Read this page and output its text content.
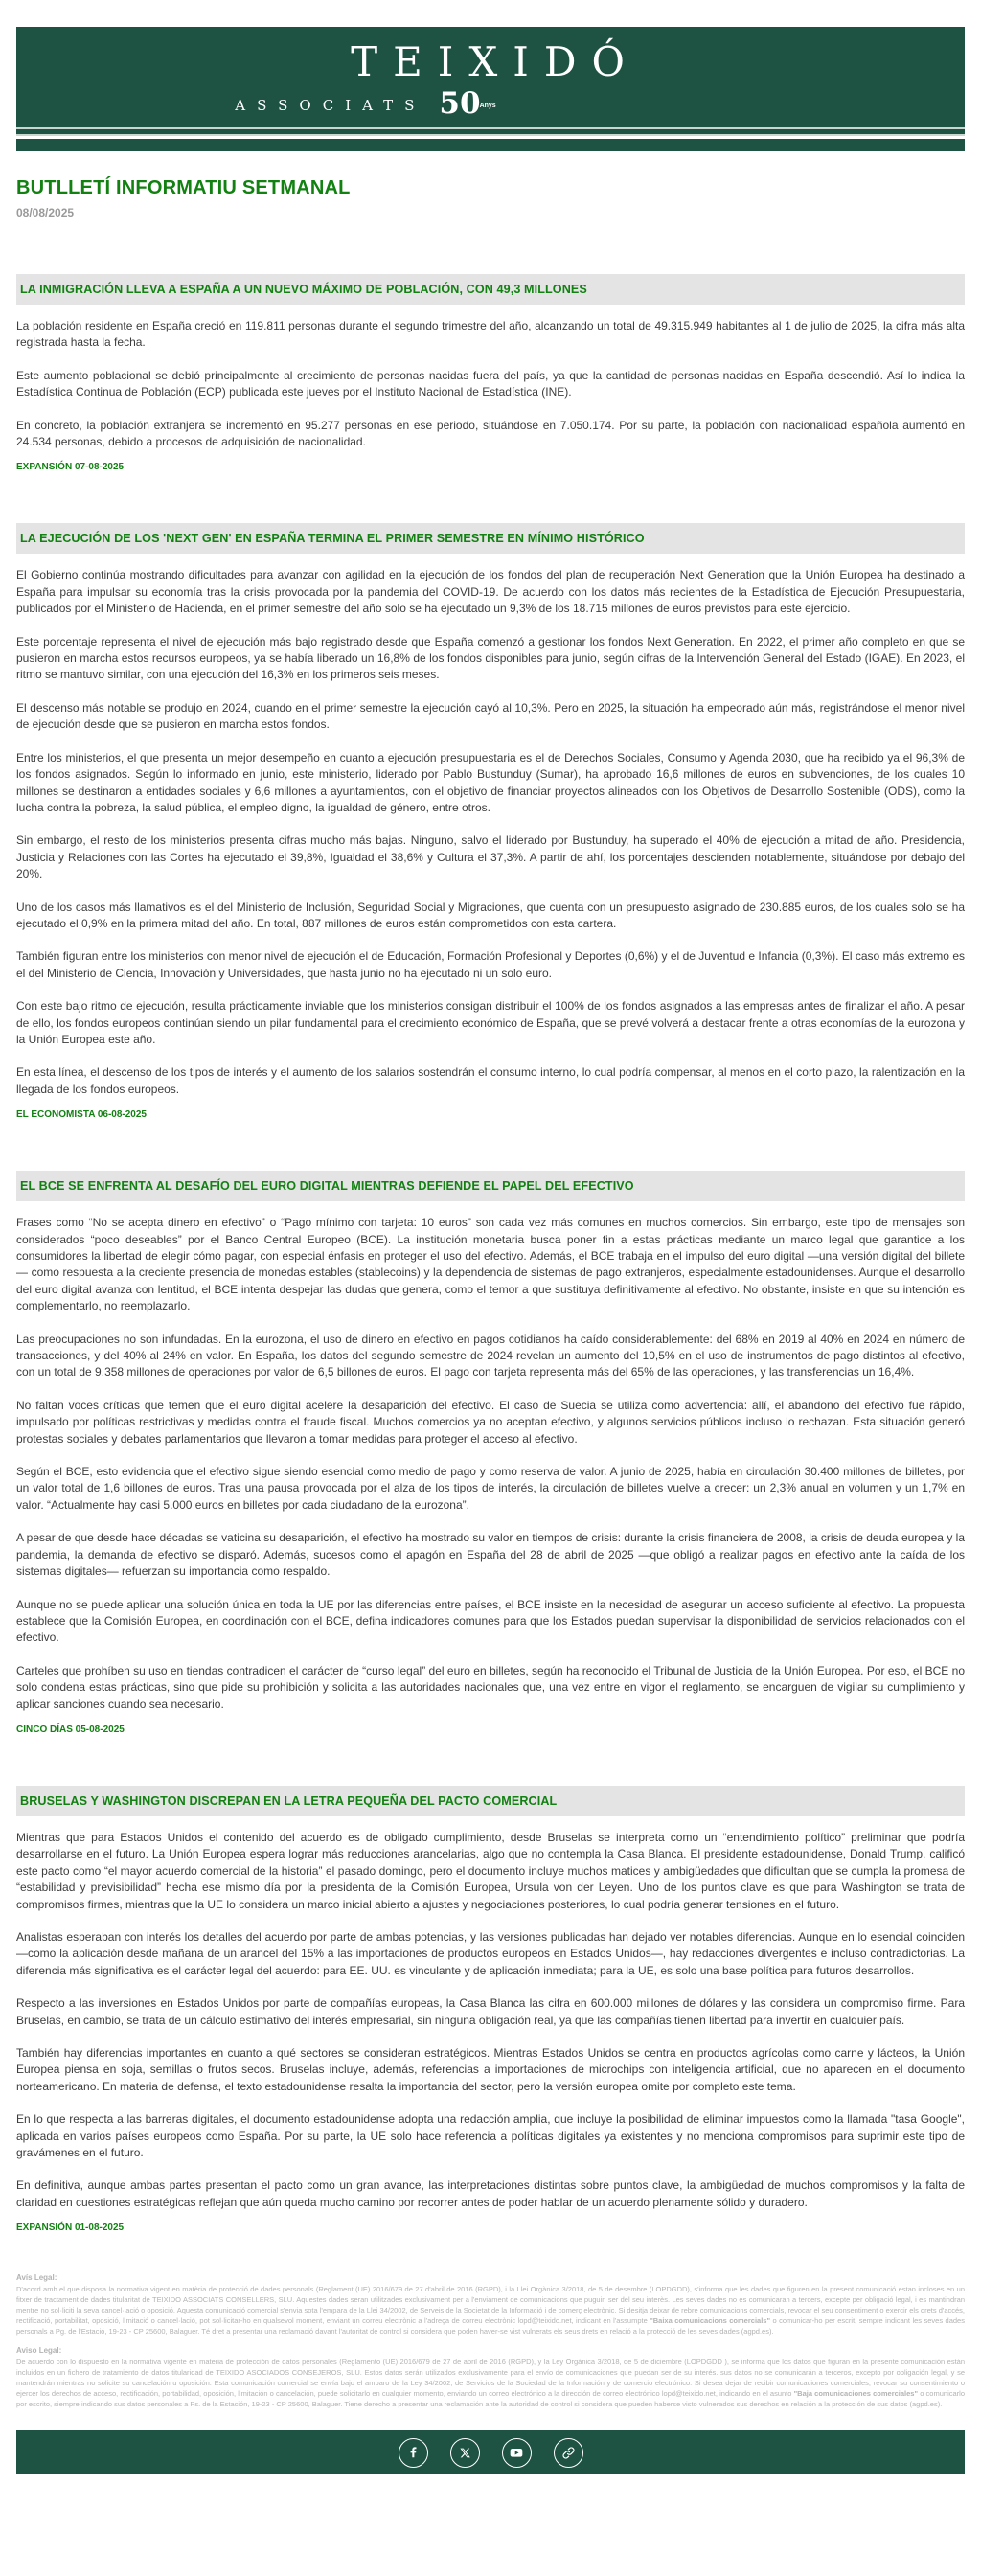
TEIXIDÓ
ASSOCIATS $50^{Anys}$
BUTLLETÍ INFORMATIU SETMANAL
08/08/2025
LA INMIGRACIÓN LLEVA A ESPAÑA A UN NUEVO MÁXIMO DE POBLACIÓN, CON 49,3 MILLONES

La población residente en España creció en 119.811 personas durante el segundo trimestre del año, alcanzando un total de 49.315.949 habitantes al 1 de julio de 2025, la cifra más alta registrada hasta la fecha.

Este aumento poblacional se debió principalmente al crecimiento de personas nacidas fuera del país, ya que la cantidad de personas nacidas en España descendió. Así lo indica la Estadística Continua de Población (ECP) publicada este jueves por el Instituto Nacional de Estadística (INE).

En concreto, la población extranjera se incrementó en 95.277 personas en ese periodo, situándose en 7.050.174. Por su parte, la población con nacionalidad española aumentó en 24.534 personas, debido a procesos de adquisición de nacionalidad.

EXPANSIÓN 07-08-2025
LA EJECUCIÓN DE LOS 'NEXT GEN' EN ESPAÑA TERMINA EL PRIMER SEMESTRE EN MÍNIMO HISTÓRICO

El Gobierno continúa mostrando dificultades para avanzar con agilidad en la ejecución de los fondos del plan de recuperación Next Generation que la Unión Europea ha destinado a España para impulsar su economía tras la crisis provocada por la pandemia del COVID-19. De acuerdo con los datos más recientes de la Estadística de Ejecución Presupuestaria, publicados por el Ministerio de Hacienda, en el primer semestre del año solo se ha ejecutado un 9,3% de los 18.715 millones de euros previstos para este ejercicio.

Este porcentaje representa el nivel de ejecución más bajo registrado desde que España comenzó a gestionar los fondos Next Generation. En 2022, el primer año completo en que se pusieron en marcha estos recursos europeos, ya se había liberado un 16,8% de los fondos disponibles para junio, según cifras de la Intervención General del Estado (IGAE). En 2023, el ritmo se mantuvo similar, con una ejecución del 16,3% en los primeros seis meses.

El descenso más notable se produjo en 2024, cuando en el primer semestre la ejecución cayó al 10,3%. Pero en 2025, la situación ha empeorado aún más, registrándose el menor nivel de ejecución desde que se pusieron en marcha estos fondos.

Entre los ministerios, el que presenta un mejor desempeño en cuanto a ejecución presupuestaria es el de Derechos Sociales, Consumo y Agenda 2030, que ha recibido ya el 96,3% de los fondos asignados. Según lo informado en junio, este ministerio, liderado por Pablo Bustunduy (Sumar), ha aprobado 16,6 millones de euros en subvenciones, de los cuales 10 millones se destinaron a entidades sociales y 6,6 millones a ayuntamientos, con el objetivo de financiar proyectos alineados con los Objetivos de Desarrollo Sostenible (ODS), como la lucha contra la pobreza, la salud pública, el empleo digno, la igualdad de género, entre otros.

Sin embargo, el resto de los ministerios presenta cifras mucho más bajas. Ninguno, salvo el liderado por Bustunduy, ha superado el 40% de ejecución a mitad de año. Presidencia, Justicia y Relaciones con las Cortes ha ejecutado el 39,8%, Igualdad el 38,6% y Cultura el 37,3%. A partir de ahí, los porcentajes descienden notablemente, situándose por debajo del 20%.

Uno de los casos más llamativos es el del Ministerio de Inclusión, Seguridad Social y Migraciones, que cuenta con un presupuesto asignado de 230.885 euros, de los cuales solo se ha ejecutado el 0,9% en la primera mitad del año. En total, 887 millones de euros están comprometidos con esta cartera.

También figuran entre los ministerios con menor nivel de ejecución el de Educación, Formación Profesional y Deportes (0,6%) y el de Juventud e Infancia (0,3%). El caso más extremo es el del Ministerio de Ciencia, Innovación y Universidades, que hasta junio no ha ejecutado ni un solo euro.

Con este bajo ritmo de ejecución, resulta prácticamente inviable que los ministerios consigan distribuir el 100% de los fondos asignados a las empresas antes de finalizar el año. A pesar de ello, los fondos europeos continúan siendo un pilar fundamental para el crecimiento económico de España, que se prevé volverá a destacar frente a otras economías de la eurozona y la Unión Europea este año.

En esta línea, el descenso de los tipos de interés y el aumento de los salarios sostendrán el consumo interno, lo cual podría compensar, al menos en el corto plazo, la ralentización en la llegada de los fondos europeos.

EL ECONOMISTA 06-08-2025
EL BCE SE ENFRENTA AL DESAFÍO DEL EURO DIGITAL MIENTRAS DEFIENDE EL PAPEL DEL EFECTIVO

Frases como “No se acepta dinero en efectivo” o “Pago mínimo con tarjeta: 10 euros” son cada vez más comunes en muchos comercios. Sin embargo, este tipo de mensajes son considerados “poco deseables” por el Banco Central Europeo (BCE). La institución monetaria busca poner fin a estas prácticas mediante un marco legal que garantice a los consumidores la libertad de elegir cómo pagar, con especial énfasis en proteger el uso del efectivo. Además, el BCE trabaja en el impulso del euro digital —una versión digital del billete— como respuesta a la creciente presencia de monedas estables (stablecoins) y la dependencia de sistemas de pago extranjeros, especialmente estadounidenses. Aunque el desarrollo del euro digital avanza con lentitud, el BCE intenta despejar las dudas que genera, como el temor a que sustituya definitivamente al efectivo. No obstante, insiste en que su intención es complementarlo, no reemplazarlo.

Las preocupaciones no son infundadas. En la eurozona, el uso de dinero en efectivo en pagos cotidianos ha caído considerablemente: del 68% en 2019 al 40% en 2024 en número de transacciones, y del 40% al 24% en valor. En España, los datos del segundo semestre de 2024 revelan un aumento del 10,5% en el uso de instrumentos de pago distintos al efectivo, con un total de 9.358 millones de operaciones por valor de 6,5 billones de euros. El pago con tarjeta representa más del 65% de las operaciones, y las transferencias un 16,4%.

No faltan voces críticas que temen que el euro digital acelere la desaparición del efectivo. El caso de Suecia se utiliza como advertencia: allí, el abandono del efectivo fue rápido, impulsado por políticas restrictivas y medidas contra el fraude fiscal. Muchos comercios ya no aceptan efectivo, y algunos servicios públicos incluso lo rechazan. Esta situación generó protestas sociales y debates parlamentarios que llevaron a tomar medidas para proteger el acceso al efectivo.

Según el BCE, esto evidencia que el efectivo sigue siendo esencial como medio de pago y como reserva de valor. A junio de 2025, había en circulación 30.400 millones de billetes, por un valor total de 1,6 billones de euros. Tras una pausa provocada por el alza de los tipos de interés, la circulación de billetes vuelve a crecer: un 2,3% anual en volumen y un 1,7% en valor. “Actualmente hay casi 5.000 euros en billetes por cada ciudadano de la eurozona”.

A pesar de que desde hace décadas se vaticina su desaparición, el efectivo ha mostrado su valor en tiempos de crisis: durante la crisis financiera de 2008, la crisis de deuda europea y la pandemia, la demanda de efectivo se disparó. Además, sucesos como el apagón en España del 28 de abril de 2025 —que obligó a realizar pagos en efectivo ante la caída de los sistemas digitales— refuerzan su importancia como respaldo.

Aunque no se puede aplicar una solución única en toda la UE por las diferencias entre países, el BCE insiste en la necesidad de asegurar un acceso suficiente al efectivo. La propuesta establece que la Comisión Europea, en coordinación con el BCE, defina indicadores comunes para que los Estados puedan supervisar la disponibilidad de servicios relacionados con el efectivo.

Carteles que prohíben su uso en tiendas contradicen el carácter de “curso legal” del euro en billetes, según ha reconocido el Tribunal de Justicia de la Unión Europea. Por eso, el BCE no solo condena estas prácticas, sino que pide su prohibición y solicita a las autoridades nacionales que, una vez entre en vigor el reglamento, se encarguen de vigilar su cumplimiento y aplicar sanciones cuando sea necesario.

CINCO DÍAS 05-08-2025
BRUSELAS Y WASHINGTON DISCREPAN EN LA LETRA PEQUEÑA DEL PACTO COMERCIAL

Mientras que para Estados Unidos el contenido del acuerdo es de obligado cumplimiento, desde Bruselas se interpreta como un “entendimiento político” preliminar que podría desarrollarse en el futuro. La Unión Europea espera lograr más reducciones arancelarias, algo que no contempla la Casa Blanca. El presidente estadounidense, Donald Trump, calificó este pacto como “el mayor acuerdo comercial de la historia” el pasado domingo, pero el documento incluye muchos matices y ambigüedades que dificultan que se cumpla la promesa de “estabilidad y previsibilidad” hecha ese mismo día por la presidenta de la Comisión Europea, Ursula von der Leyen. Uno de los puntos clave es que para Washington se trata de compromisos firmes, mientras que la UE lo considera un marco inicial abierto a ajustes y negociaciones posteriores, lo cual podría generar tensiones en el futuro.

Analistas esperaban con interés los detalles del acuerdo por parte de ambas potencias, y las versiones publicadas han dejado ver notables diferencias. Aunque en lo esencial coinciden —como la aplicación desde mañana de un arancel del 15% a las importaciones de productos europeos en Estados Unidos—, hay redacciones divergentes e incluso contradictorias. La diferencia más significativa es el carácter legal del acuerdo: para EE. UU. es vinculante y de aplicación inmediata; para la UE, es solo una base política para futuros desarrollos.

Respecto a las inversiones en Estados Unidos por parte de compañías europeas, la Casa Blanca las cifra en 600.000 millones de dólares y las considera un compromiso firme. Para Bruselas, en cambio, se trata de un cálculo estimativo del interés empresarial, sin ninguna obligación real, ya que las compañías tienen libertad para invertir en cualquier país.

También hay diferencias importantes en cuanto a qué sectores se consideran estratégicos. Mientras Estados Unidos se centra en productos agrícolas como carne y lácteos, la Unión Europea piensa en soja, semillas o frutos secos. Bruselas incluye, además, referencias a importaciones de microchips con inteligencia artificial, que no aparecen en el documento norteamericano. En materia de defensa, el texto estadounidense resalta la importancia del sector, pero la versión europea omite por completo este tema.

En lo que respecta a las barreras digitales, el documento estadounidense adopta una redacción amplia, que incluye la posibilidad de eliminar impuestos como la llamada "tasa Google", aplicada en varios países europeos como España. Por su parte, la UE solo hace referencia a políticas digitales ya existentes y no menciona compromisos para suprimir este tipo de gravámenes en el futuro.

En definitiva, aunque ambas partes presentan el pacto como un gran avance, las interpretaciones distintas sobre puntos clave, la ambigüedad de muchos compromisos y la falta de claridad en cuestiones estratégicas reflejan que aún queda mucho camino por recorrer antes de poder hablar de un acuerdo plenamente sólido y duradero.

EXPANSIÓN 01-08-2025

Avís Legal:
D'acord amb el que disposa la normativa vigent en matèria de protecció de dades personals (Reglament (UE) 2016/679 de 27 d'abril de 2016 (RGPD), i la Llei Orgànica 3/2018, de 5 de desembre (LOPDGDD), s'informa que les dades que figuren en la present comunicació estan incloses en un fitxer de tractament de dades titularitat de TEIXIDO ASSOCIATS CONSELLERS, SLU. Aquestes dades seran utilitzades exclusivament per a l'enviament de comunicacions que puguin ser del seu interès. Les seves dades no es comunicaran a tercers, excepte per obligació legal, i es mantindran mentre no sol·liciti la seva cancel·lació o oposició. Aquesta comunicació comercial s'envia sota l'empara de la Llei 34/2002, de Serveis de la Societat de la Informació i de comerç electrònic. Si desitja deixar de rebre comunicacions comercials, revocar el seu consentiment o exercir els drets d'accés, rectificació, portabilitat, oposició, limitació o cancel·lació, pot sol·licitar-ho en qualsevol moment, enviant un correu electrònic a l'adreça de correu electrònic lopd@teixido.net, indicant en l'assumpte "Baixa comunicacions comercials" o comunicar-ho per escrit, sempre indicant les seves dades personals a Pg. de l'Estació, 19-23 - CP 25600, Balaguer. Té dret a presentar una reclamació davant l'autoritat de control si considera que poden haver-se vist vulnerats els seus drets en relació a la protecció de les seves dades (agpd.es).

Aviso Legal:
De acuerdo con lo dispuesto en la normativa vigente en materia de protección de datos personales (Reglamento (UE) 2016/679 de 27 de abril de 2016 (RGPD), y la Ley Orgánica 3/2018, de 5 de diciembre (LOPDGDD ), se informa que los datos que figuran en la presente comunicación están incluidos en un fichero de tratamiento de datos titularidad de TEIXIDO ASOCIADOS CONSEJEROS, SLU. Estos datos serán utilizados exclusivamente para el envío de comunicaciones que puedan ser de su interés. sus datos no se comunicarán a terceros, excepto por obligación legal, y se mantendrán mientras no solicite su cancelación u oposición. Esta comunicación comercial se envía bajo el amparo de la Ley 34/2002, de Servicios de la Sociedad de la Información y de comercio electrónico. Si desea dejar de recibir comunicaciones comerciales, revocar su consentimiento o ejercer los derechos de acceso, rectificación, portabilidad, oposición, limitación o cancelación, puede solicitarlo en cualquier momento, enviando un correo electrónico a la dirección de correo electrónico lopd@teixido.net, indicando en el asunto "Baja comunicaciones comerciales" o comunicarlo por escrito, siempre indicando sus datos personales a Ps. de la Estación, 19-23 - CP 25600, Balaguer. Tiene derecho a presentar una reclamación ante la autoridad de control si considera que pueden haberse visto vulnerados sus derechos en relación a la protección de sus datos (agpd.es).
